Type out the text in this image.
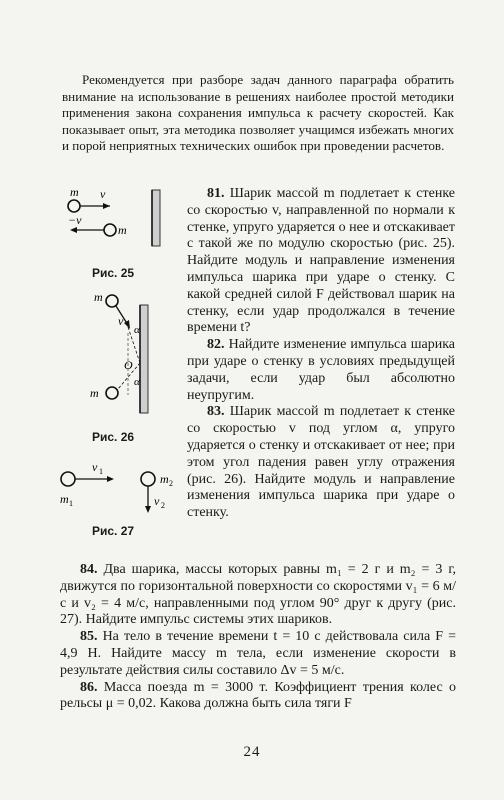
Рекомендуется при разборе задач данного параграфа обратить внимание на использование в решениях наиболее простой методики применения закона сохранения импульса к расчету скоростей. Как показывает опыт, эта методика позволяет учащимся избежать многих и порой неприятных технических ошибок при проведении расчетов.

m v
−v
m
Рис. 25
m
v
α
O
α
m
Рис. 26
v 1
m 1
m 2
v 2
Рис. 27

81. Шарик массой m подлетает к стенке со скоростью v, направленной по нормали к стенке, упруго ударяется о нее и отскакивает с такой же по модулю скоростью (рис. 25). Найдите модуль и направление изменения импульса шарика при ударе о стенку. С какой средней силой F действовал шарик на стенку, если удар продолжался в течение времени t?

82. Найдите изменение импульса шарика при ударе о стенку в условиях предыдущей задачи, если удар был абсолютно неупругим.

83. Шарик массой m подлетает к стенке со скоростью v под углом α, упруго ударяется о стенку и отскакивает от нее; при этом угол падения равен углу отражения (рис. 26). Найдите модуль и направление изменения импульса шарика при ударе о стенку.

84. Два шарика, массы которых равны m₁ = 2 г и m₂ = 3 г, движутся по горизонтальной поверхности со скоростями v₁ = 6 м/с и v₂ = 4 м/с, направленными под углом 90° друг к другу (рис. 27). Найдите импульс системы этих шариков.

85. На тело в течение времени t = 10 с действовала сила F = 4,9 Н. Найдите массу m тела, если изменение скорости в результате действия силы составило Δv = 5 м/с.

86. Масса поезда m = 3000 т. Коэффициент трения колес о рельсы μ = 0,02. Какова должна быть сила тяги F

24
